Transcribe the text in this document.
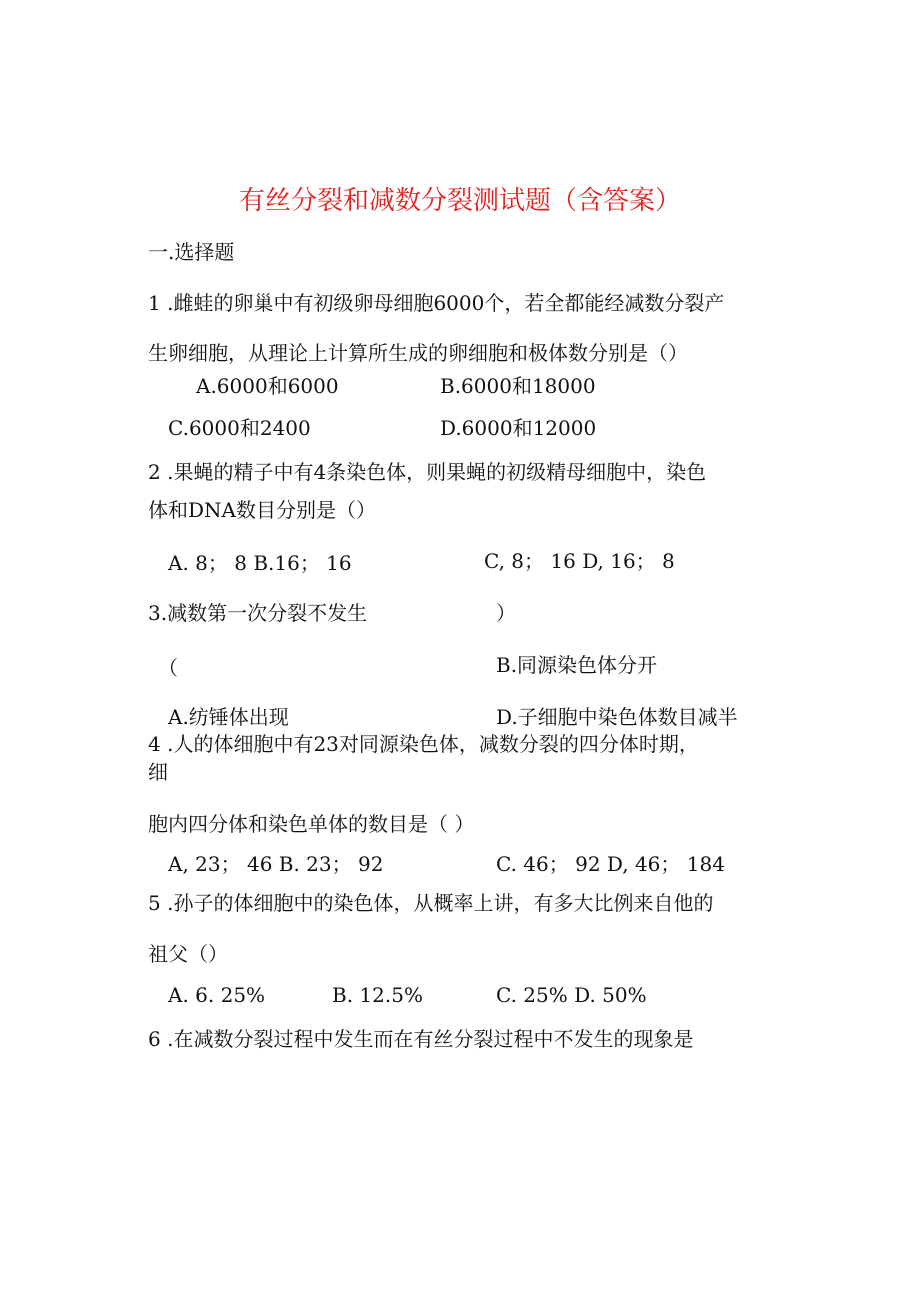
有丝分裂和减数分裂测试题（含答案）
一.选择题
1 .雌蛙的卵巢中有初级卵母细胞6000个，若全都能经减数分裂产
生卵细胞，从理论上计算所生成的卵细胞和极体数分别是（）
A.6000和6000	B.6000和18000
C.6000和2400	D.6000和12000
2 .果蝇的精子中有4条染色体，则果蝇的初级精母细胞中，染色
体和DNA数目分别是（）
A. 8； 8 B.16； 16	C, 8； 16 D, 16； 8
3.减数第一次分裂不发生	）
（	B.同源染色体分开
A.纺锤体出现	D.子细胞中染色体数目减半
4 .人的体细胞中有23对同源染色体，减数分裂的四分体时期，
细
胞内四分体和染色单体的数目是（ ）
A, 23； 46 B. 23； 92	C. 46； 92 D, 46； 184
5 .孙子的体细胞中的染色体，从概率上讲，有多大比例来自他的
祖父（）
A. 6. 25%	B. 12.5%	C. 25% D. 50%
6 .在减数分裂过程中发生而在有丝分裂过程中不发生的现象是
